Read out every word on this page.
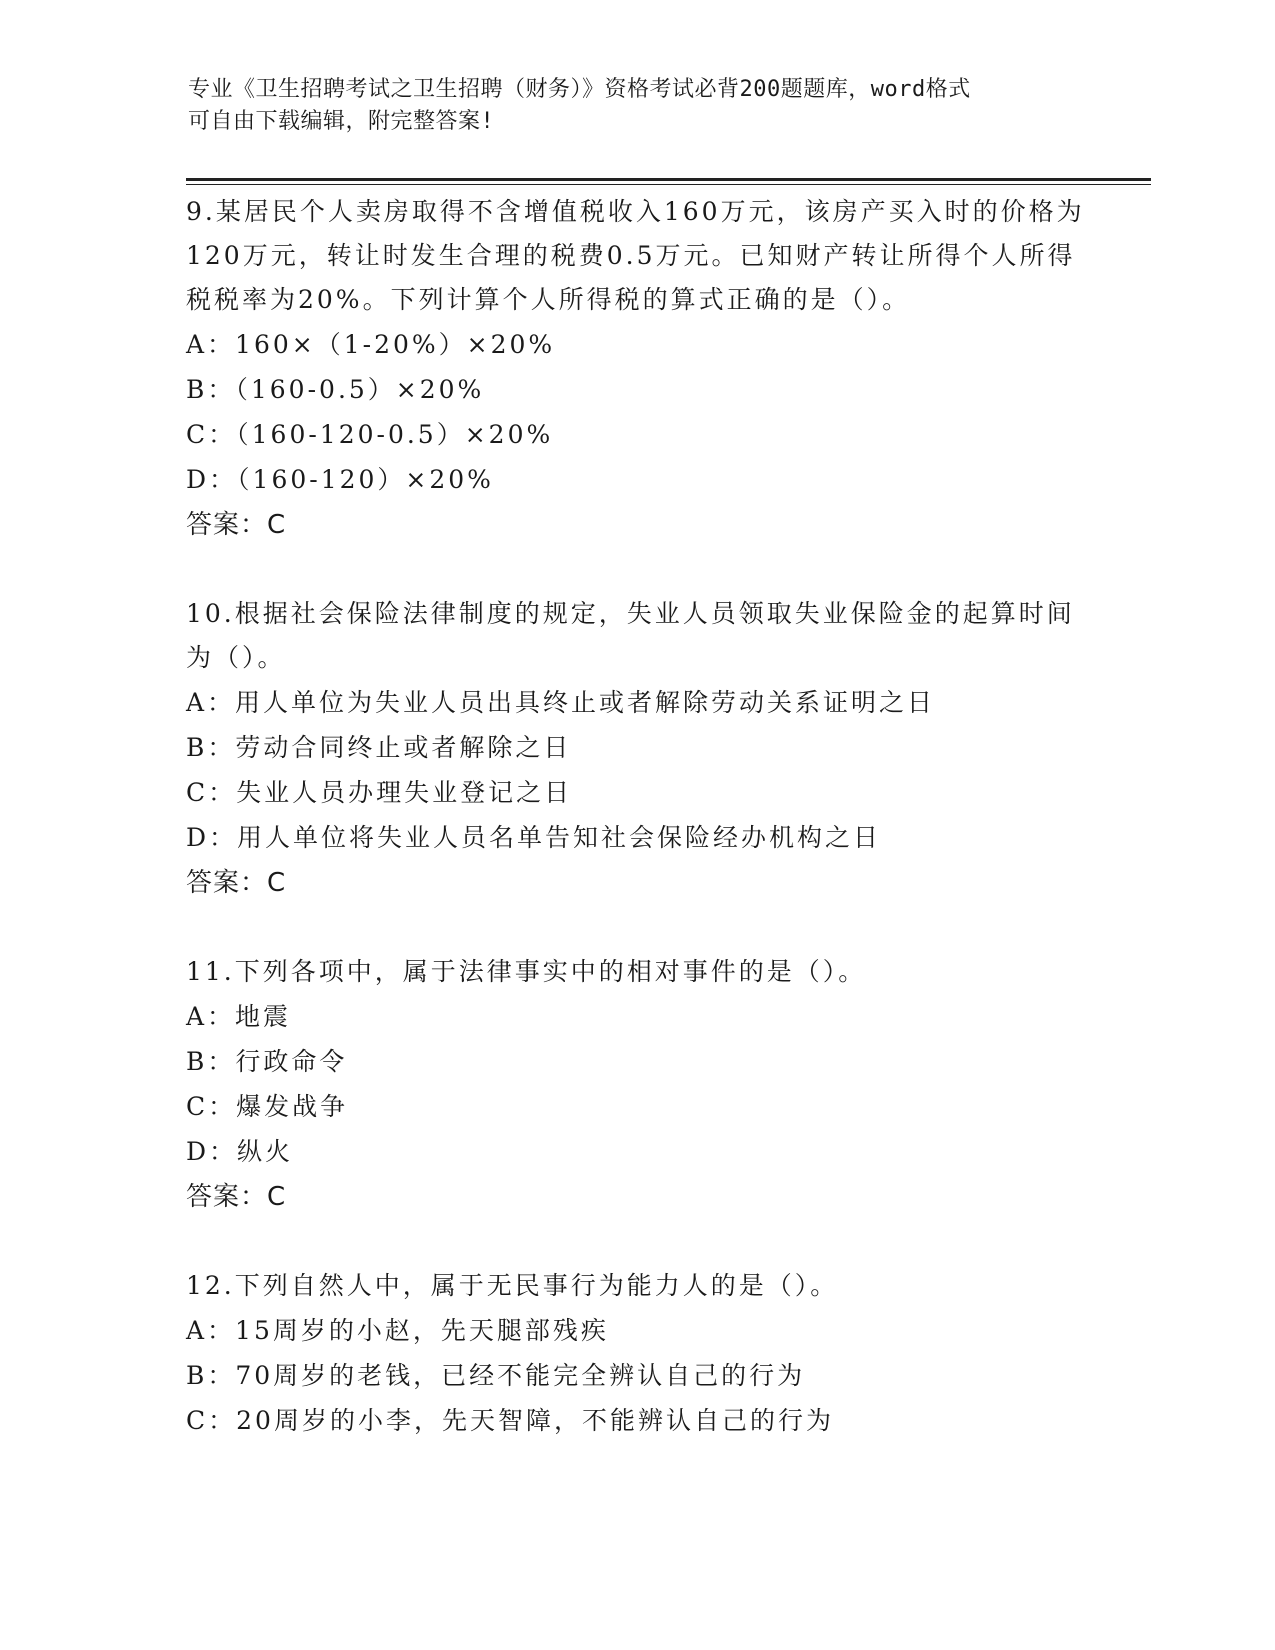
专业《卫生招聘考试之卫生招聘（财务）》资格考试必背200题题库，word格式
可自由下载编辑，附完整答案!

9.某居民个人卖房取得不含增值税收入160万元，该房产买入时的价格为120万元，转让时发生合理的税费0.5万元。已知财产转让所得个人所得税税率为20%。下列计算个人所得税的算式正确的是（）。

A：160×（1-20%）×20%

B：（160-0.5）×20%

C：（160-120-0.5）×20%

D：（160-120）×20%

答案：C

10.根据社会保险法律制度的规定，失业人员领取失业保险金的起算时间为（）。

A：用人单位为失业人员出具终止或者解除劳动关系证明之日

B：劳动合同终止或者解除之日

C：失业人员办理失业登记之日

D：用人单位将失业人员名单告知社会保险经办机构之日

答案：C

11.下列各项中，属于法律事实中的相对事件的是（）。

A：地震

B：行政命令

C：爆发战争

D：纵火

答案：C

12.下列自然人中，属于无民事行为能力人的是（）。

A：15周岁的小赵，先天腿部残疾

B：70周岁的老钱，已经不能完全辨认自己的行为

C：20周岁的小李，先天智障，不能辨认自己的行为
